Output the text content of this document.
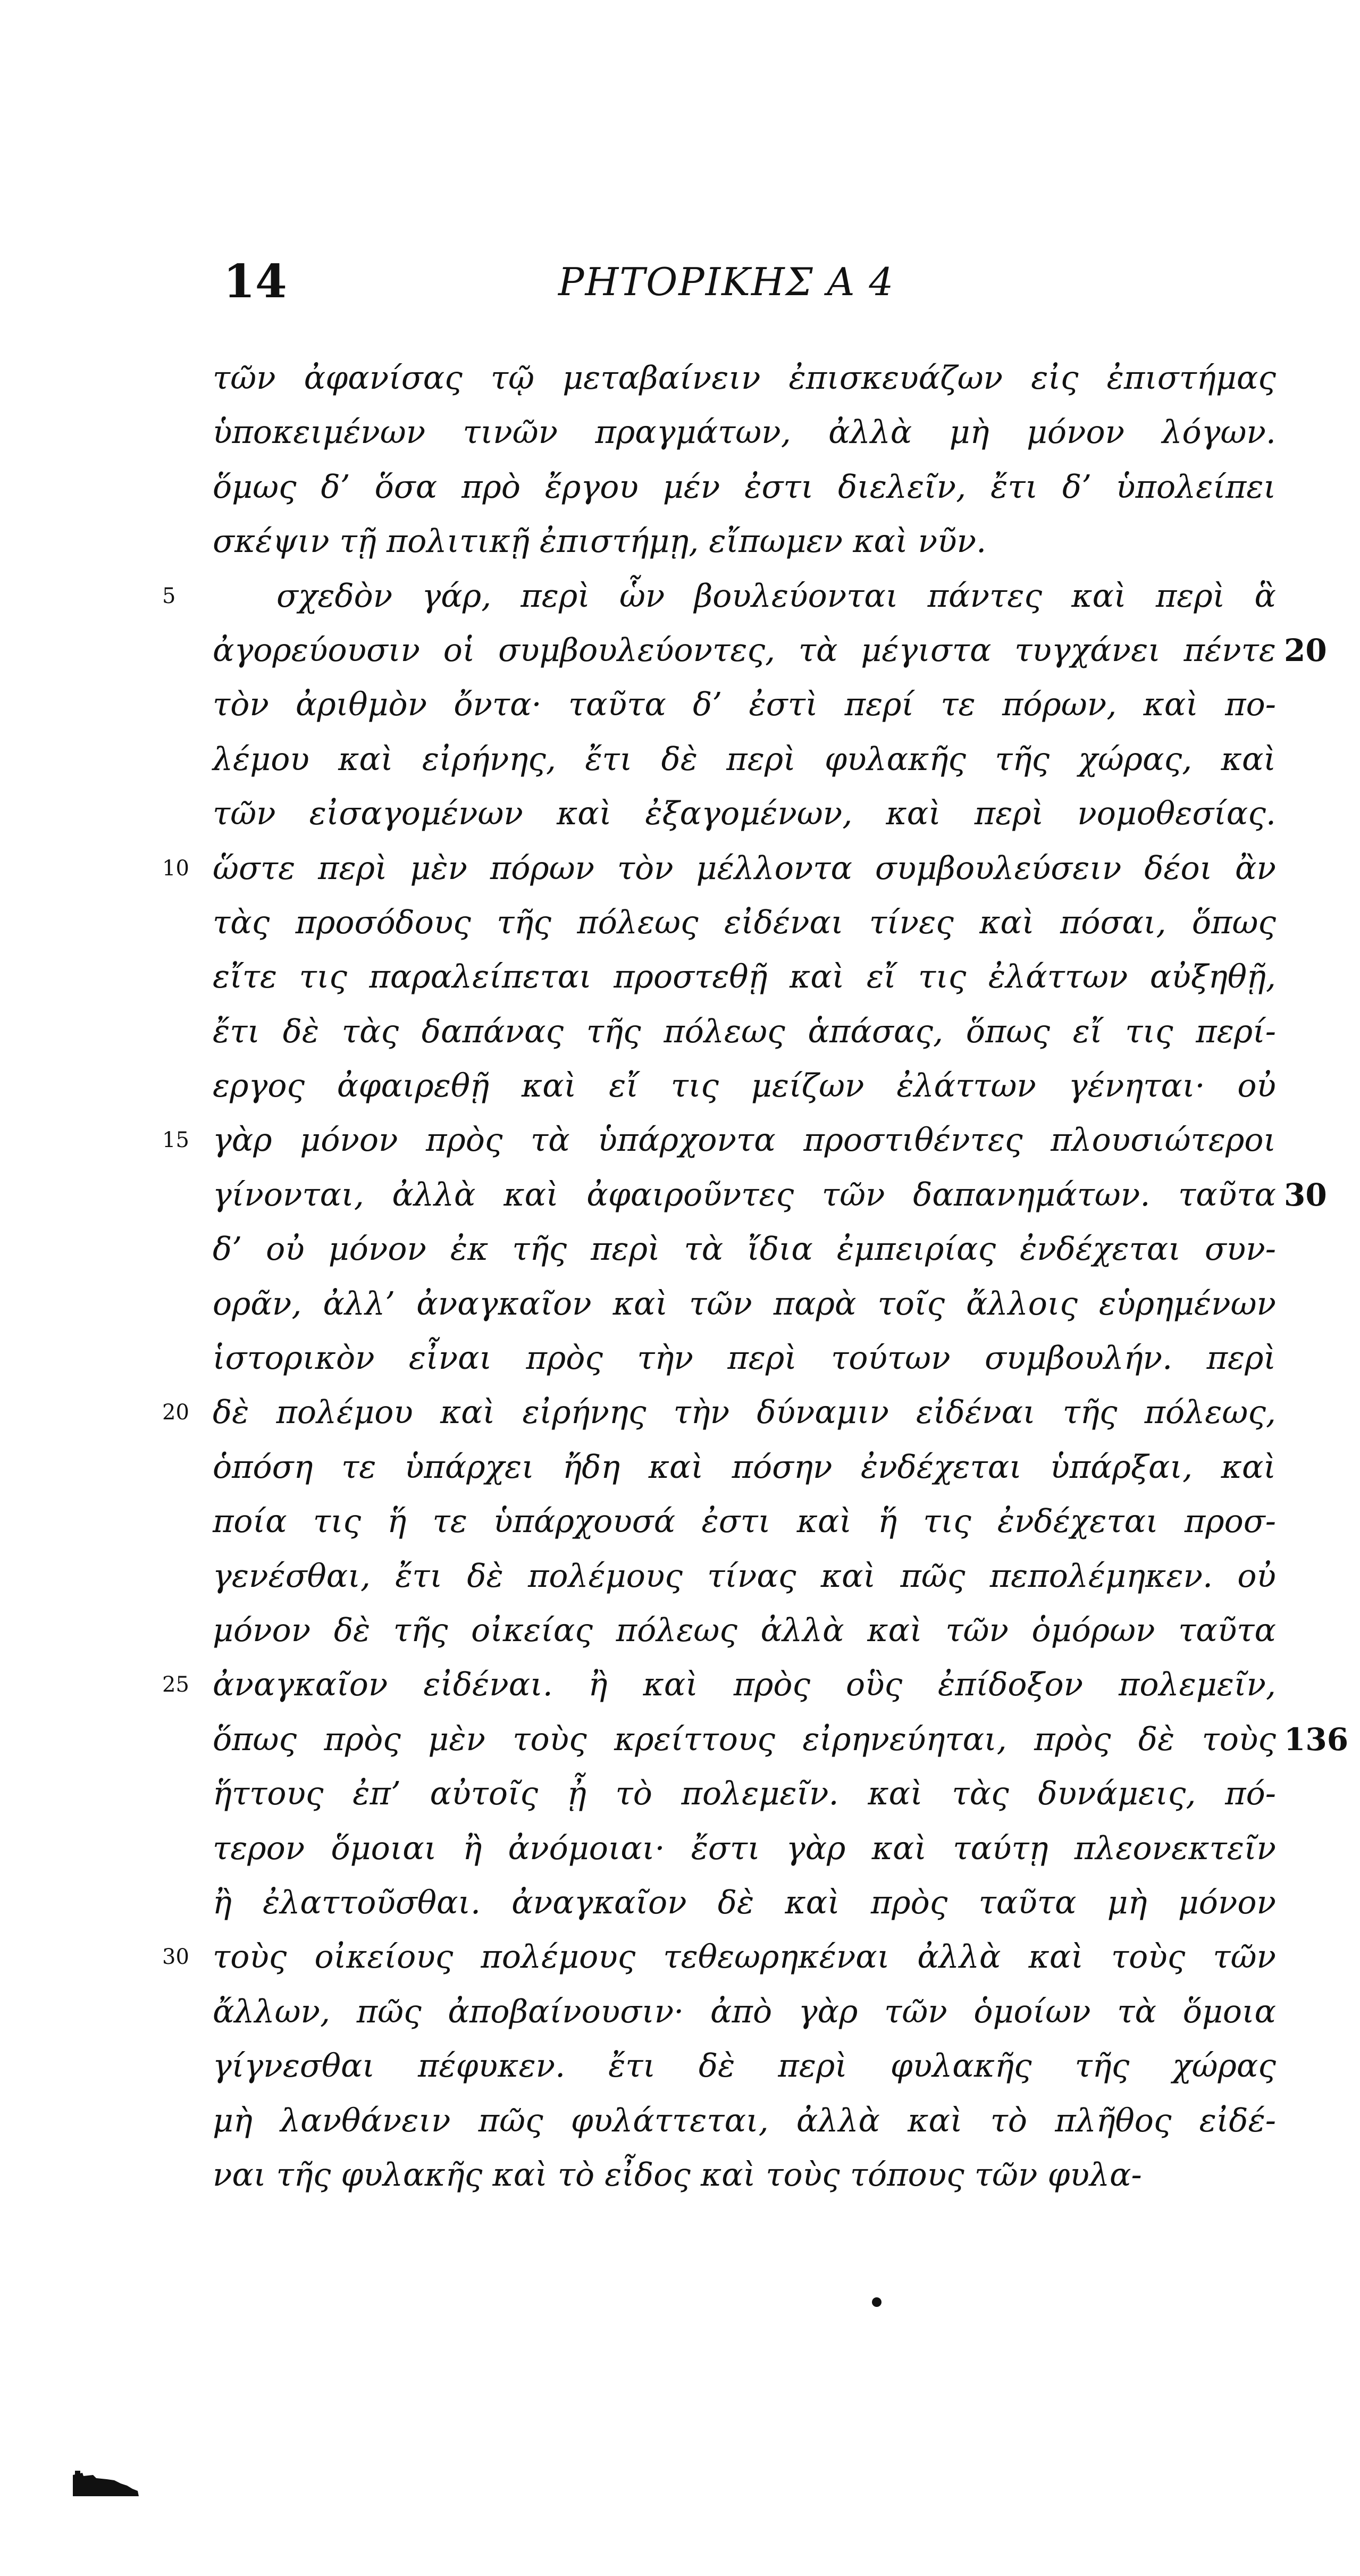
14	ΡΗΤΟΡΙΚΗΣ Α 4
τῶν ἀφανίσας τῷ μεταβαίνειν ἐπισκευάζων εἰς ἐπιστήμας
ὑποκειμένων τινῶν πραγμάτων, ἀλλὰ μὴ μόνον λόγων.
ὅμως δ’ ὅσα πρὸ ἔργου μέν ἐστι διελεῖν, ἔτι δ’ ὑπολείπει
σκέψιν τῇ πολιτικῇ ἐπιστήμῃ, εἴπωμεν καὶ νῦν.
5	σχεδὸν γάρ, περὶ ὧν βουλεύονται πάντες καὶ περὶ ἃ
ἀγορεύουσιν οἱ συμβουλεύοντες, τὰ μέγιστα τυγχάνει πέντε 20
τὸν ἀριθμὸν ὄντα· ταῦτα δ’ ἐστὶ περί τε πόρων, καὶ πο-
λέμου καὶ εἰρήνης, ἔτι δὲ περὶ φυλακῆς τῆς χώρας, καὶ
τῶν εἰσαγομένων καὶ ἐξαγομένων, καὶ περὶ νομοθεσίας.
10 ὥστε περὶ μὲν πόρων τὸν μέλλοντα συμβουλεύσειν δέοι ἂν
τὰς προσόδους τῆς πόλεως εἰδέναι τίνες καὶ πόσαι, ὅπως
εἴτε τις παραλείπεται προστεθῇ καὶ εἴ τις ἐλάττων αὐξηθῇ,
ἔτι δὲ τὰς δαπάνας τῆς πόλεως ἁπάσας, ὅπως εἴ τις περί-
εργος ἀφαιρεθῇ καὶ εἴ τις μείζων ἐλάττων γένηται· οὐ
15 γὰρ μόνον πρὸς τὰ ὑπάρχοντα προστιθέντες πλουσιώτεροι
γίνονται, ἀλλὰ καὶ ἀφαιροῦντες τῶν δαπανημάτων. ταῦτα 30
δ’ οὐ μόνον ἐκ τῆς περὶ τὰ ἴδια ἐμπειρίας ἐνδέχεται συν-
ορᾶν, ἀλλ’ ἀναγκαῖον καὶ τῶν παρὰ τοῖς ἄλλοις εὑρημένων
ἱστορικὸν εἶναι πρὸς τὴν περὶ τούτων συμβουλήν. περὶ
20 δὲ πολέμου καὶ εἰρήνης τὴν δύναμιν εἰδέναι τῆς πόλεως,
ὁπόση τε ὑπάρχει ἤδη καὶ πόσην ἐνδέχεται ὑπάρξαι, καὶ
ποία τις ἥ τε ὑπάρχουσά ἐστι καὶ ἥ τις ἐνδέχεται προσ-
γενέσθαι, ἔτι δὲ πολέμους τίνας καὶ πῶς πεπολέμηκεν. οὐ
μόνον δὲ τῆς οἰκείας πόλεως ἀλλὰ καὶ τῶν ὁμόρων ταῦτα
25 ἀναγκαῖον εἰδέναι. ἢ καὶ πρὸς οὓς ἐπίδοξον πολεμεῖν,
ὅπως πρὸς μὲν τοὺς κρείττους εἰρηνεύηται, πρὸς δὲ τοὺς 136
ἥττους ἐπ’ αὐτοῖς ᾖ τὸ πολεμεῖν. καὶ τὰς δυνάμεις, πό-
τερον ὅμοιαι ἢ ἀνόμοιαι· ἔστι γὰρ καὶ ταύτῃ πλεονεκτεῖν
ἢ ἐλαττοῦσθαι. ἀναγκαῖον δὲ καὶ πρὸς ταῦτα μὴ μόνον
30 τοὺς οἰκείους πολέμους τεθεωρηκέναι ἀλλὰ καὶ τοὺς τῶν
ἄλλων, πῶς ἀποβαίνουσιν· ἀπὸ γὰρ τῶν ὁμοίων τὰ ὅμοια
γίγνεσθαι πέφυκεν. ἔτι δὲ περὶ φυλακῆς τῆς χώρας
μὴ λανθάνειν πῶς φυλάττεται, ἀλλὰ καὶ τὸ πλῆθος εἰδέ-
ναι τῆς φυλακῆς καὶ τὸ εἶδος καὶ τοὺς τόπους τῶν φυλα-
